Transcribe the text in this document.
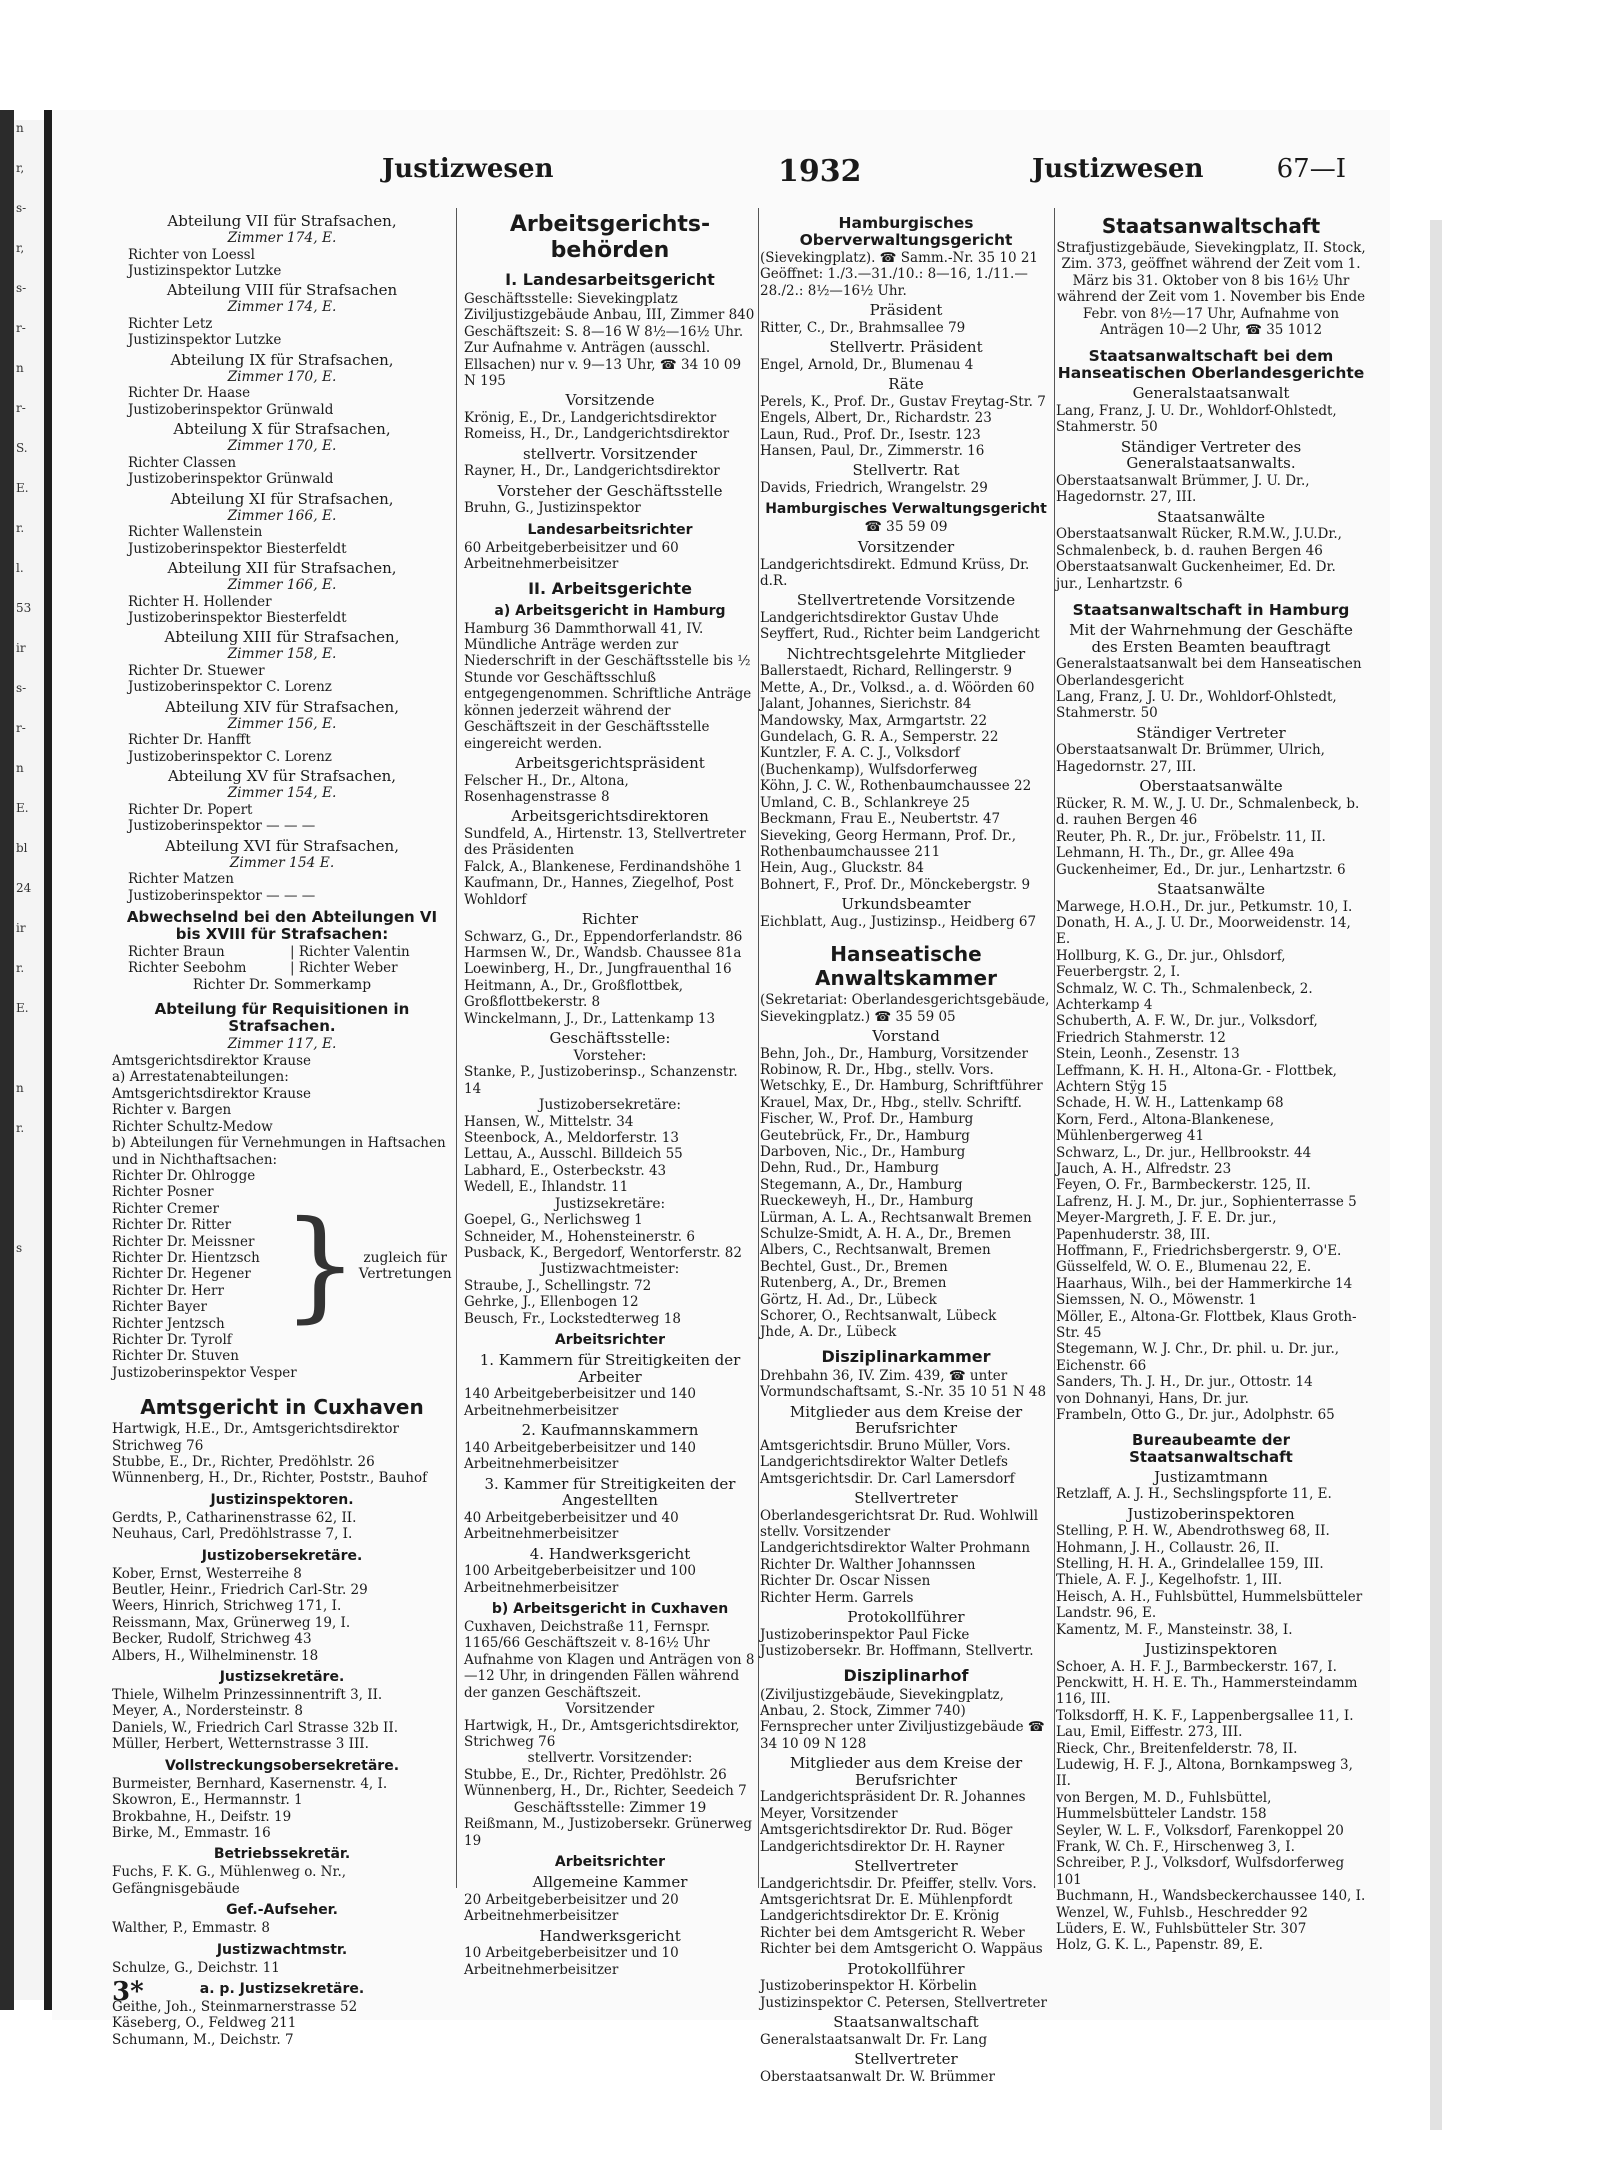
n
r,
s-
r,
s-
r-
n
r-
S.
E.
r.
l.
53
ir
s-
r-
n
E.
bl
24
ir
r.
E.
n
r.
s
Justizwesen	1932	Justizwesen	67—I
Abteilung VII für Strafsachen,
Zimmer 174, E.
Richter von Loessl
Justizinspektor Lutzke
Abteilung VIII für Strafsachen
Zimmer 174, E.
Richter Letz
Justizinspektor Lutzke
Abteilung IX für Strafsachen,
Zimmer 170, E.
Richter Dr. Haase
Justizoberinspektor Grünwald
Abteilung X für Strafsachen,
Zimmer 170, E.
Richter Classen
Justizoberinspektor Grünwald
Abteilung XI für Strafsachen,
Zimmer 166, E.
Richter Wallenstein
Justizoberinspektor Biesterfeldt
Abteilung XII für Strafsachen,
Zimmer 166, E.
Richter H. Hollender
Justizoberinspektor Biesterfeldt
Abteilung XIII für Strafsachen,
Zimmer 158, E.
Richter Dr. Stuewer
Justizoberinspektor C. Lorenz
Abteilung XIV für Strafsachen,
Zimmer 156, E.
Richter Dr. Hanfft
Justizoberinspektor C. Lorenz
Abteilung XV für Strafsachen,
Zimmer 154, E.
Richter Dr. Popert
Justizoberinspektor — — —
Abteilung XVI für Strafsachen,
Zimmer 154 E.
Richter Matzen
Justizoberinspektor — — —
Abwechselnd bei den Abteilungen VI bis XVIII für Strafsachen:
Richter Braun
Richter Seebohm
| Richter Valentin
| Richter Weber
Richter Dr. Sommerkamp
Abteilung für Requisitionen in Strafsachen.
Zimmer 117, E.
Amtsgerichtsdirektor Krause
a) Arrestatenabteilungen:
Amtsgerichtsdirektor Krause
Richter v. Bargen
Richter Schultz-Medow
b) Abteilungen für Vernehmungen in Haftsachen und in Nichthaftsachen:
Richter Dr. Ohlrogge
Richter Posner
Richter Cremer
Richter Dr. Ritter
Richter Dr. Meissner
Richter Dr. Hientzsch
Richter Dr. Hegener
Richter Dr. Herr
Richter Bayer
Richter Jentzsch
Richter Dr. Tyrolf
Richter Dr. Stuven
} zugleich für Vertretungen
Justizoberinspektor Vesper
Amtsgericht in Cuxhaven
Hartwigk, H.E., Dr., Amtsgerichtsdirektor Strichweg 76
Stubbe, E., Dr., Richter, Predöhlstr. 26
Wünnenberg, H., Dr., Richter, Poststr., Bauhof
Justizinspektoren.
Gerdts, P., Catharinenstrasse 62, II.
Neuhaus, Carl, Predöhlstrasse 7, I.
Justizobersekretäre.
Kober, Ernst, Westerreihe 8
Beutler, Heinr., Friedrich Carl-Str. 29
Weers, Hinrich, Strichweg 171, I.
Reissmann, Max, Grünerweg 19, I.
Becker, Rudolf, Strichweg 43
Albers, H., Wilhelminenstr. 18
Justizsekretäre.
Thiele, Wilhelm Prinzessinnentrift 3, II.
Meyer, A., Nordersteinstr. 8
Daniels, W., Friedrich Carl Strasse 32b II.
Müller, Herbert, Wetternstrasse 3 III.
Vollstreckungsobersekretäre.
Burmeister, Bernhard, Kasernenstr. 4, I.
Skowron, E., Hermannstr. 1
Brokbahne, H., Deifstr. 19
Birke, M., Emmastr. 16
Betriebssekretär.
Fuchs, F. K. G., Mühlenweg o. Nr., Gefängnisgebäude
Gef.-Aufseher.
Walther, P., Emmastr. 8
Justizwachtmstr.
Schulze, G., Deichstr. 11
a. p. Justizsekretäre.
Geithe, Joh., Steinmarnerstrasse 52
Käseberg, O., Feldweg 211
Schumann, M., Deichstr. 7
3*
Arbeitsgerichts-behörden
I. Landesarbeitsgericht
Geschäftsstelle: Sievekingplatz Ziviljustizgebäude Anbau, III, Zimmer 840 Geschäftszeit: S. 8—16 W 8½—16½ Uhr. Zur Aufnahme v. Anträgen (ausschl. Ellsachen) nur v. 9—13 Uhr, ☎ 34 10 09 N 195
Vorsitzende
Krönig, E., Dr., Landgerichtsdirektor
Romeiss, H., Dr., Landgerichtsdirektor
stellvertr. Vorsitzender
Rayner, H., Dr., Landgerichtsdirektor
Vorsteher der Geschäftsstelle
Bruhn, G., Justizinspektor
Landesarbeitsrichter
60 Arbeitgeberbeisitzer und 60 Arbeitnehmerbeisitzer
II. Arbeitsgerichte
a) Arbeitsgericht in Hamburg
Hamburg 36 Dammthorwall 41, IV. Mündliche Anträge werden zur Niederschrift in der Geschäftsstelle bis ½ Stunde vor Geschäftsschluß entgegengenommen. Schriftliche Anträge können jederzeit während der Geschäftszeit in der Geschäftsstelle eingereicht werden.
Arbeitsgerichtspräsident
Felscher H., Dr., Altona, Rosenhagenstrasse 8
Arbeitsgerichtsdirektoren
Sundfeld, A., Hirtenstr. 13, Stellvertreter des Präsidenten
Falck, A., Blankenese, Ferdinandshöhe 1
Kaufmann, Dr., Hannes, Ziegelhof, Post Wohldorf
Richter
Schwarz, G., Dr., Eppendorferlandstr. 86
Harmsen W., Dr., Wandsb. Chaussee 81a
Loewinberg, H., Dr., Jungfrauenthal 16
Heitmann, A., Dr., Großflottbek, Großflottbekerstr. 8
Winckelmann, J., Dr., Lattenkamp 13
Geschäftsstelle:
Vorsteher:
Stanke, P., Justizoberinsp., Schanzenstr. 14
Justizobersekretäre:
Hansen, W., Mittelstr. 34
Steenbock, A., Meldorferstr. 13
Lettau, A., Ausschl. Billdeich 55
Labhard, E., Osterbeckstr. 43
Wedell, E., Ihlandstr. 11
Justizsekretäre:
Goepel, G., Nerlichsweg 1
Schneider, M., Hohensteinerstr. 6
Pusback, K., Bergedorf, Wentorferstr. 82
Justizwachtmeister:
Straube, J., Schellingstr. 72
Gehrke, J., Ellenbogen 12
Beusch, Fr., Lockstedterweg 18
Arbeitsrichter
1. Kammern für Streitigkeiten der Arbeiter
140 Arbeitgeberbeisitzer und 140 Arbeitnehmerbeisitzer
2. Kaufmannskammern
140 Arbeitgeberbeisitzer und 140 Arbeitnehmerbeisitzer
3. Kammer für Streitigkeiten der Angestellten
40 Arbeitgeberbeisitzer und 40 Arbeitnehmerbeisitzer
4. Handwerksgericht
100 Arbeitgeberbeisitzer und 100 Arbeitnehmerbeisitzer
b) Arbeitsgericht in Cuxhaven
Cuxhaven, Deichstraße 11, Fernspr. 1165/66 Geschäftszeit v. 8-16½ Uhr
Aufnahme von Klagen und Anträgen von 8—12 Uhr, in dringenden Fällen während der ganzen Geschäftszeit.
Vorsitzender
Hartwigk, H., Dr., Amtsgerichtsdirektor, Strichweg 76
stellvertr. Vorsitzender:
Stubbe, E., Dr., Richter, Predöhlstr. 26
Wünnenberg, H., Dr., Richter, Seedeich 7
Geschäftsstelle: Zimmer 19
Reißmann, M., Justizobersekr. Grünerweg 19
Arbeitsrichter
Allgemeine Kammer
20 Arbeitgeberbeisitzer und 20 Arbeitnehmerbeisitzer
Handwerksgericht
10 Arbeitgeberbeisitzer und 10 Arbeitnehmerbeisitzer
Hamburgisches Oberverwaltungsgericht
(Sievekingplatz). ☎ Samm.-Nr. 35 10 21 Geöffnet: 1./3.—31./10.: 8—16, 1./11.—28./2.: 8½—16½ Uhr.
Präsident
Ritter, C., Dr., Brahmsallee 79
Stellvertr. Präsident
Engel, Arnold, Dr., Blumenau 4
Räte
Perels, K., Prof. Dr., Gustav Freytag-Str. 7
Engels, Albert, Dr., Richardstr. 23
Laun, Rud., Prof. Dr., Isestr. 123
Hansen, Paul, Dr., Zimmerstr. 16
Stellvertr. Rat
Davids, Friedrich, Wrangelstr. 29
Hamburgisches Verwaltungsgericht
☎ 35 59 09
Vorsitzender
Landgerichtsdirekt. Edmund Krüss, Dr. d.R.
Stellvertretende Vorsitzende
Landgerichtsdirektor Gustav Uhde
Seyffert, Rud., Richter beim Landgericht
Nichtrechtsgelehrte Mitglieder
Ballerstaedt, Richard, Rellingerstr. 9
Mette, A., Dr., Volksd., a. d. Wöörden 60
Jalant, Johannes, Sierichstr. 84
Mandowsky, Max, Armgartstr. 22
Gundelach, G. R. A., Semperstr. 22
Kuntzler, F. A. C. J., Volksdorf (Buchenkamp), Wulfsdorferweg
Köhn, J. C. W., Rothenbaumchaussee 22
Umland, C. B., Schlankreye 25
Beckmann, Frau E., Neubertstr. 47
Sieveking, Georg Hermann, Prof. Dr., Rothenbaumchaussee 211
Hein, Aug., Gluckstr. 84
Bohnert, F., Prof. Dr., Mönckebergstr. 9
Urkundsbeamter
Eichblatt, Aug., Justizinsp., Heidberg 67
Hanseatische Anwaltskammer
(Sekretariat: Oberlandesgerichtsgebäude, Sievekingplatz.) ☎ 35 59 05
Vorstand
Behn, Joh., Dr., Hamburg, Vorsitzender
Robinow, R. Dr., Hbg., stellv. Vors.
Wetschky, E., Dr. Hamburg, Schriftführer
Krauel, Max, Dr., Hbg., stellv. Schriftf.
Fischer, W., Prof. Dr., Hamburg
Geutebrück, Fr., Dr., Hamburg
Darboven, Nic., Dr., Hamburg
Dehn, Rud., Dr., Hamburg
Stegemann, A., Dr., Hamburg
Rueckeweyh, H., Dr., Hamburg
Lürman, A. L. A., Rechtsanwalt Bremen
Schulze-Smidt, A. H. A., Dr., Bremen
Albers, C., Rechtsanwalt, Bremen
Bechtel, Gust., Dr., Bremen
Rutenberg, A., Dr., Bremen
Görtz, H. Ad., Dr., Lübeck
Schorer, O., Rechtsanwalt, Lübeck
Jhde, A. Dr., Lübeck
Disziplinarkammer
Drehbahn 36, IV. Zim. 439, ☎ unter Vormundschaftsamt, S.-Nr. 35 10 51 N 48
Mitglieder aus dem Kreise der Berufsrichter
Amtsgerichtsdir. Bruno Müller, Vors.
Landgerichtsdirektor Walter Detlefs
Amtsgerichtsdir. Dr. Carl Lamersdorf
Stellvertreter
Oberlandesgerichtsrat Dr. Rud. Wohlwill stellv. Vorsitzender
Landgerichtsdirektor Walter Prohmann
Richter Dr. Walther Johannssen
Richter Dr. Oscar Nissen
Richter Herm. Garrels
Protokollführer
Justizoberinspektor Paul Ficke
Justizobersekr. Br. Hoffmann, Stellvertr.
Disziplinarhof
(Ziviljustizgebäude, Sievekingplatz, Anbau, 2. Stock, Zimmer 740) Fernsprecher unter Ziviljustizgebäude ☎ 34 10 09 N 128
Mitglieder aus dem Kreise der Berufsrichter
Landgerichtspräsident Dr. R. Johannes Meyer, Vorsitzender
Amtsgerichtsdirektor Dr. Rud. Böger
Landgerichtsdirektor Dr. H. Rayner
Stellvertreter
Landgerichtsdir. Dr. Pfeiffer, stellv. Vors.
Amtsgerichtsrat Dr. E. Mühlenpfordt
Landgerichtsdirektor Dr. E. Krönig
Richter bei dem Amtsgericht R. Weber
Richter bei dem Amtsgericht O. Wappäus
Protokollführer
Justizoberinspektor H. Körbelin
Justizinspektor C. Petersen, Stellvertreter
Staatsanwaltschaft
Generalstaatsanwalt Dr. Fr. Lang
Stellvertreter
Oberstaatsanwalt Dr. W. Brümmer
Staatsanwaltschaft
Strafjustizgebäude, Sievekingplatz, II. Stock, Zim. 373, geöffnet während der Zeit vom 1. März bis 31. Oktober von 8 bis 16½ Uhr während der Zeit vom 1. November bis Ende Febr. von 8½—17 Uhr, Aufnahme von Anträgen 10—2 Uhr, ☎ 35 1012
Staatsanwaltschaft bei dem Hanseatischen Oberlandesgerichte
Generalstaatsanwalt
Lang, Franz, J. U. Dr., Wohldorf-Ohlstedt, Stahmerstr. 50
Ständiger Vertreter des Generalstaatsanwalts.
Oberstaatsanwalt Brümmer, J. U. Dr., Hagedornstr. 27, III.
Staatsanwälte
Oberstaatsanwalt Rücker, R.M.W., J.U.Dr., Schmalenbeck, b. d. rauhen Bergen 46
Oberstaatsanwalt Guckenheimer, Ed. Dr. jur., Lenhartzstr. 6
Staatsanwaltschaft in Hamburg
Mit der Wahrnehmung der Geschäfte des Ersten Beamten beauftragt
Generalstaatsanwalt bei dem Hanseatischen Oberlandesgericht
Lang, Franz, J. U. Dr., Wohldorf-Ohlstedt, Stahmerstr. 50
Ständiger Vertreter
Oberstaatsanwalt Dr. Brümmer, Ulrich, Hagedornstr. 27, III.
Oberstaatsanwälte
Rücker, R. M. W., J. U. Dr., Schmalenbeck, b. d. rauhen Bergen 46
Reuter, Ph. R., Dr. jur., Fröbelstr. 11, II.
Lehmann, H. Th., Dr., gr. Allee 49a
Guckenheimer, Ed., Dr. jur., Lenhartzstr. 6
Staatsanwälte
Marwege, H.O.H., Dr. jur., Petkumstr. 10, I.
Donath, H. A., J. U. Dr., Moorweidenstr. 14, E.
Hollburg, K. G., Dr. jur., Ohlsdorf, Feuerbergstr. 2, I.
Schmalz, W. C. Th., Schmalenbeck, 2. Achterkamp 4
Schuberth, A. F. W., Dr. jur., Volksdorf, Friedrich Stahmerstr. 12
Stein, Leonh., Zesenstr. 13
Leffmann, K. H. H., Altona-Gr. - Flottbek, Achtern Stÿg 15
Schade, H. W. H., Lattenkamp 68
Korn, Ferd., Altona-Blankenese, Mühlenbergerweg 41
Schwarz, L., Dr. jur., Hellbrookstr. 44
Jauch, A. H., Alfredstr. 23
Feyen, O. Fr., Barmbeckerstr. 125, II.
Lafrenz, H. J. M., Dr. jur., Sophienterrasse 5
Meyer-Margreth, J. F. E. Dr. jur., Papenhuderstr. 38, III.
Hoffmann, F., Friedrichsbergerstr. 9, O'E.
Güsselfeld, W. O. E., Blumenau 22, E.
Haarhaus, Wilh., bei der Hammerkirche 14
Siemssen, N. O., Möwenstr. 1
Möller, E., Altona-Gr. Flottbek, Klaus Groth-Str. 45
Stegemann, W. J. Chr., Dr. phil. u. Dr. jur., Eichenstr. 66
Sanders, Th. J. H., Dr. jur., Ottostr. 14
von Dohnanyi, Hans, Dr. jur.
Frambeln, Otto G., Dr. jur., Adolphstr. 65
Bureaubeamte der Staatsanwaltschaft
Justizamtmann
Retzlaff, A. J. H., Sechslingspforte 11, E.
Justizoberinspektoren
Stelling, P. H. W., Abendrothsweg 68, II.
Hohmann, J. H., Collaustr. 26, II.
Stelling, H. H. A., Grindelallee 159, III.
Thiele, A. F. J., Kegelhofstr. 1, III.
Heisch, A. H., Fuhlsbüttel, Hummelsbütteler Landstr. 96, E.
Kamentz, M. F., Mansteinstr. 38, I.
Justizinspektoren
Schoer, A. H. F. J., Barmbeckerstr. 167, I.
Penckwitt, H. H. E. Th., Hammersteindamm 116, III.
Tolksdorff, H. K. F., Lappenbergsallee 11, I.
Lau, Emil, Eiffestr. 273, III.
Rieck, Chr., Breitenfelderstr. 78, II.
Ludewig, H. F. J., Altona, Bornkampsweg 3, II.
von Bergen, M. D., Fuhlsbüttel, Hummelsbütteler Landstr. 158
Seyler, W. L. F., Volksdorf, Farenkoppel 20
Frank, W. Ch. F., Hirschenweg 3, I.
Schreiber, P. J., Volksdorf, Wulfsdorferweg 101
Buchmann, H., Wandsbeckerchaussee 140, I.
Wenzel, W., Fuhlsb., Heschredder 92
Lüders, E. W., Fuhlsbütteler Str. 307
Holz, G. K. L., Papenstr. 89, E.
